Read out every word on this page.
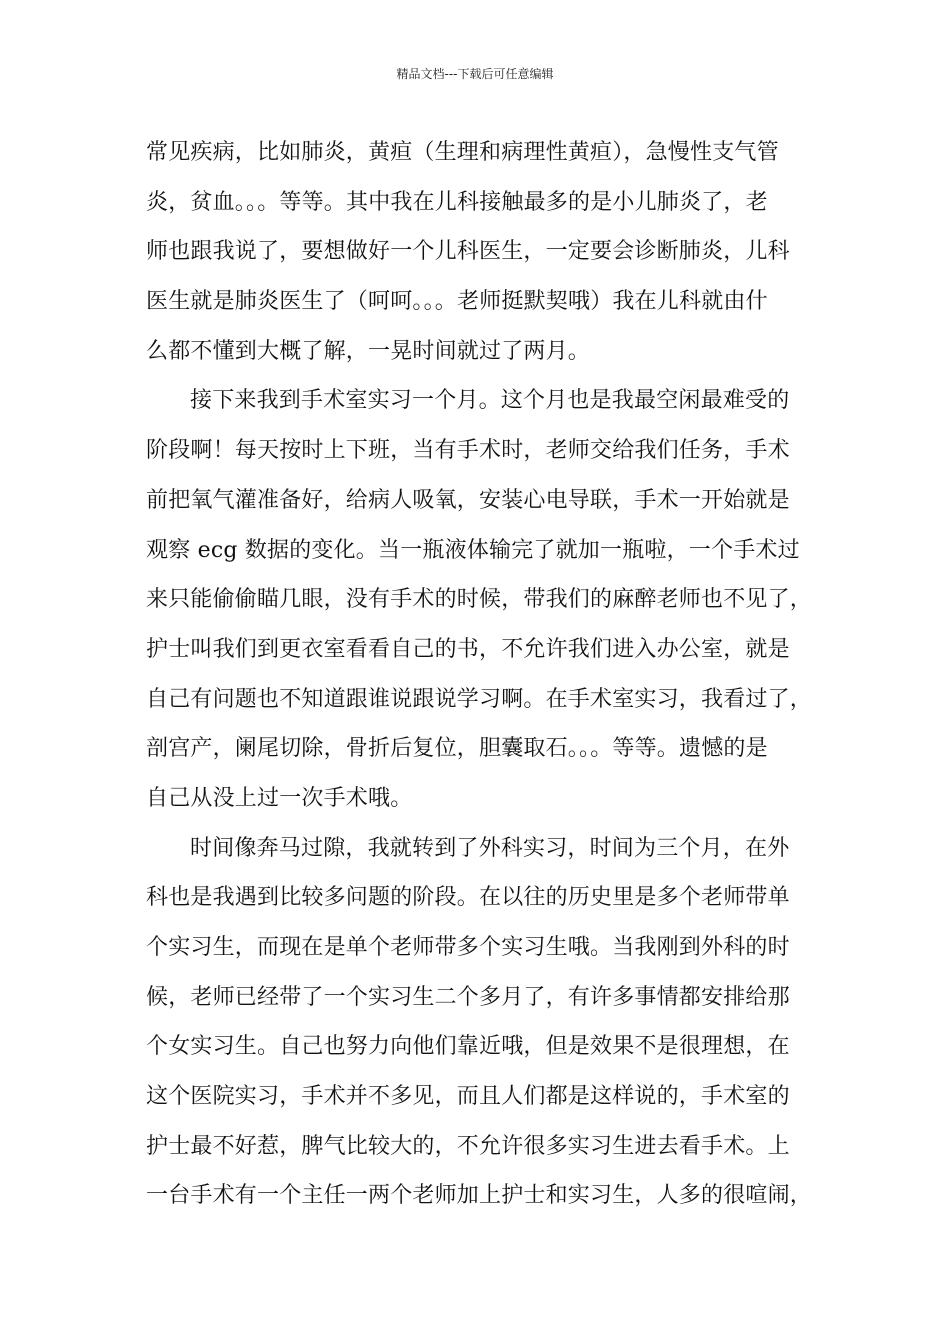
精品文档---下载后可任意编辑
常见疾病，比如肺炎，黄疸（生理和病理性黄疸），急慢性支气管
炎，贫血。。。等等。其中我在儿科接触最多的是小儿肺炎了，老
师也跟我说了，要想做好一个儿科医生，一定要会诊断肺炎，儿科
医生就是肺炎医生了（呵呵。。。老师挺默契哦）我在儿科就由什
么都不懂到大概了解，一晃时间就过了两月。
接下来我到手术室实习一个月。这个月也是我最空闲最难受的
阶段啊！每天按时上下班，当有手术时，老师交给我们任务，手术
前把氧气灌准备好，给病人吸氧，安装心电导联，手术一开始就是
观察 ecg 数据的变化。当一瓶液体输完了就加一瓶啦，一个手术过
来只能偷偷瞄几眼，没有手术的时候，带我们的麻醉老师也不见了，
护士叫我们到更衣室看看自己的书，不允许我们进入办公室，就是
自己有问题也不知道跟谁说跟说学习啊。在手术室实习，我看过了，
剖宫产，阑尾切除，骨折后复位，胆囊取石。。。等等。遗憾的是
自己从没上过一次手术哦。
时间像奔马过隙，我就转到了外科实习，时间为三个月，在外
科也是我遇到比较多问题的阶段。在以往的历史里是多个老师带单
个实习生，而现在是单个老师带多个实习生哦。当我刚到外科的时
候，老师已经带了一个实习生二个多月了，有许多事情都安排给那
个女实习生。自己也努力向他们靠近哦，但是效果不是很理想，在
这个医院实习，手术并不多见，而且人们都是这样说的，手术室的
护士最不好惹，脾气比较大的，不允许很多实习生进去看手术。上
一台手术有一个主任一两个老师加上护士和实习生，人多的很喧闹，
